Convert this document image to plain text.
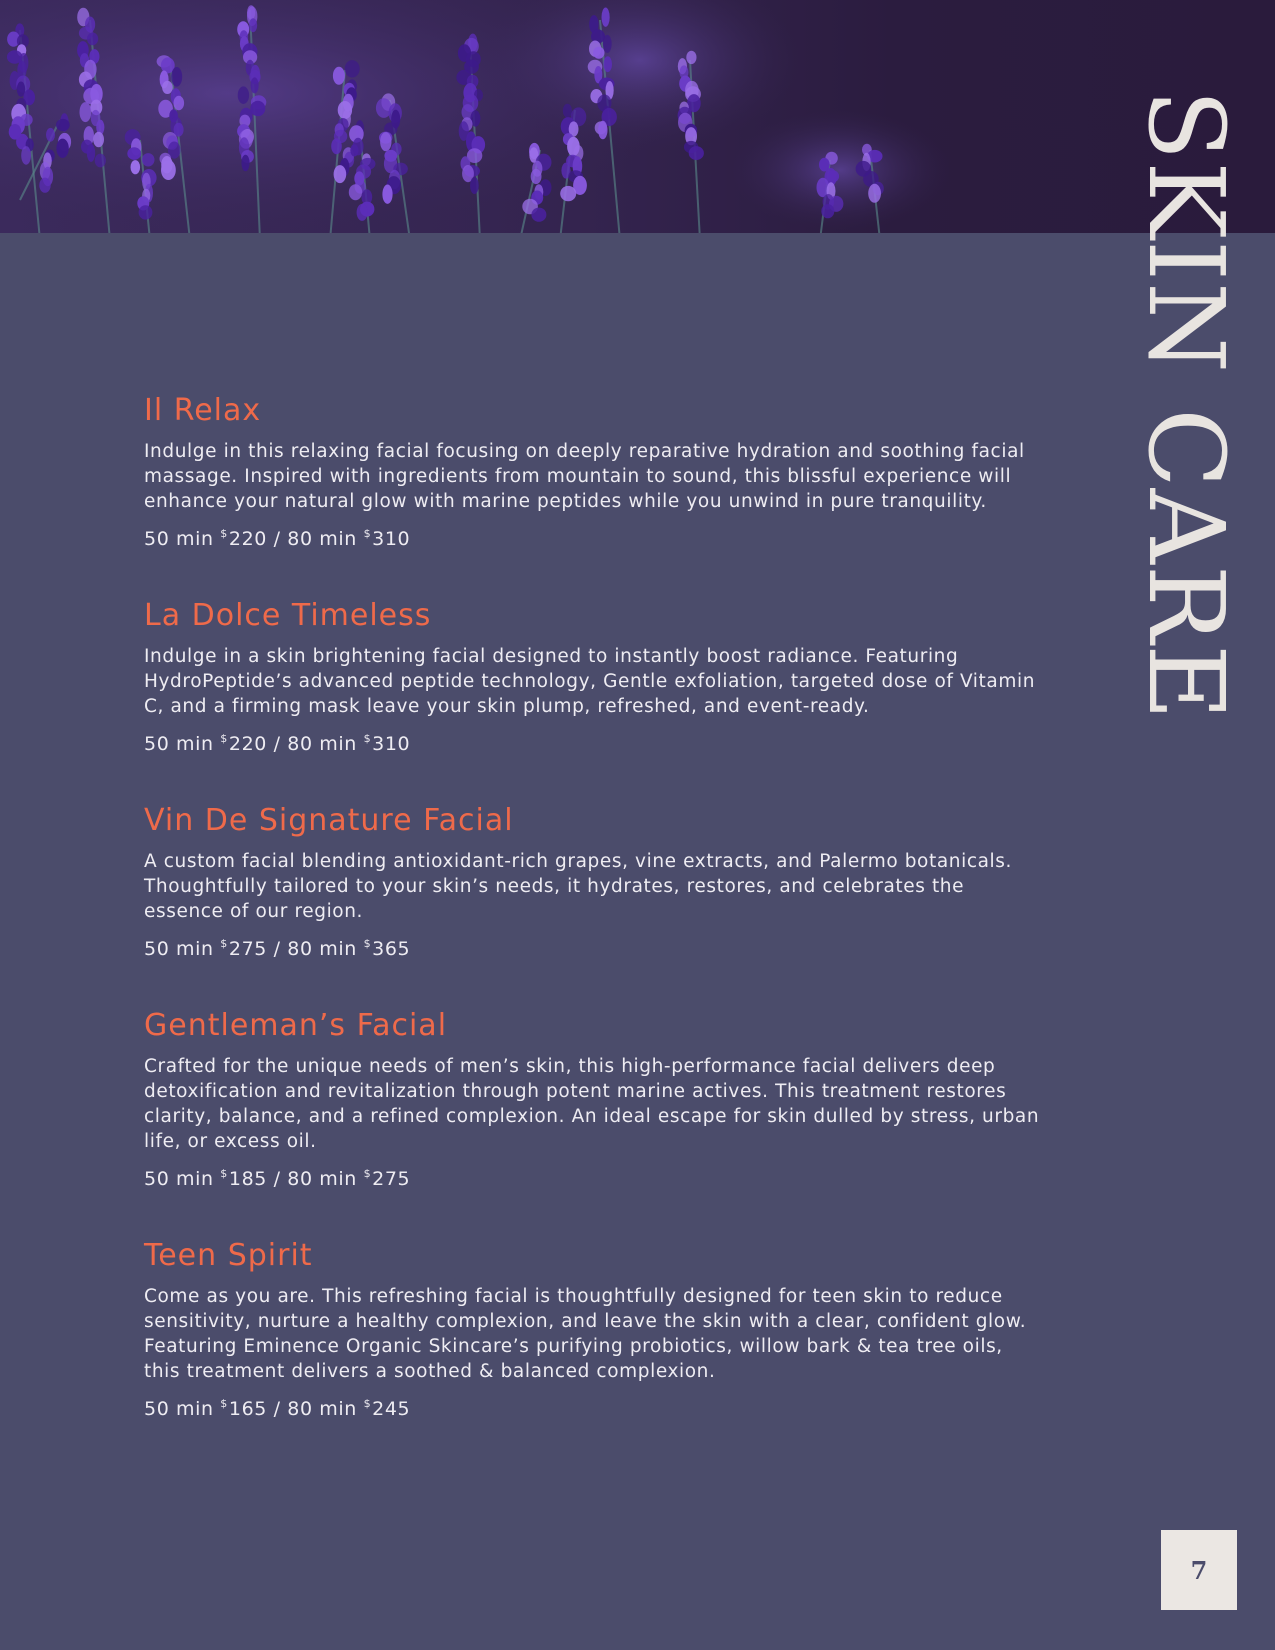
SKIN CARE
Il Relax

Indulge in this relaxing facial focusing on deeply reparative hydration and soothing facial massage. Inspired with ingredients from mountain to sound, this blissful experience will enhance your natural glow with marine peptides while you unwind in pure tranquility.

50 min $220 / 80 min $310
La Dolce Timeless

Indulge in a skin brightening facial designed to instantly boost radiance. Featuring HydroPeptide’s advanced peptide technology, Gentle exfoliation, targeted dose of Vitamin C, and a firming mask leave your skin plump, refreshed, and event-ready.

50 min $220 / 80 min $310
Vin De Signature Facial

A custom facial blending antioxidant-rich grapes, vine extracts, and Palermo botanicals. Thoughtfully tailored to your skin’s needs, it hydrates, restores, and celebrates the essence of our region.

50 min $275 / 80 min $365
Gentleman’s Facial

Crafted for the unique needs of men’s skin, this high-performance facial delivers deep detoxification and revitalization through potent marine actives. This treatment restores clarity, balance, and a refined complexion. An ideal escape for skin dulled by stress, urban life, or excess oil.

50 min $185 / 80 min $275
Teen Spirit

Come as you are. This refreshing facial is thoughtfully designed for teen skin to reduce sensitivity, nurture a healthy complexion, and leave the skin with a clear, confident glow. Featuring Eminence Organic Skincare’s purifying probiotics, willow bark & tea tree oils, this treatment delivers a soothed & balanced complexion.

50 min $165 / 80 min $245
7
